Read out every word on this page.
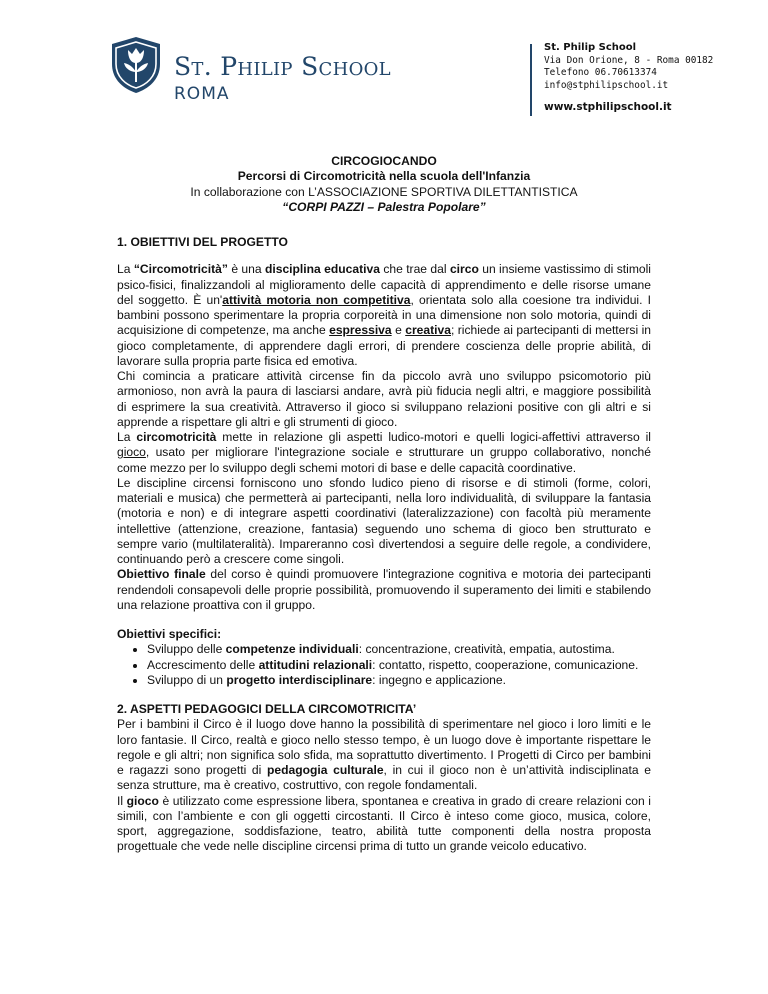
St. Philip School
ROMA
St. Philip School
Via Don Orione, 8 - Roma 00182
Telefono 06.70613374
info@stphilipschool.it
www.stphilipschool.it
CIRCOGIOCANDO
Percorsi di Circomotricità nella scuola dell'Infanzia
In collaborazione con L’ASSOCIAZIONE SPORTIVA DILETTANTISTICA
“CORPI PAZZI – Palestra Popolare”
1. OBIETTIVI DEL PROGETTO

La “Circomotricità” è una disciplina educativa che trae dal circo un insieme vastissimo di stimoli psico-fisici, finalizzandoli al miglioramento delle capacità di apprendimento e delle risorse umane del soggetto. È un'attività motoria non competitiva, orientata solo alla coesione tra individui. I bambini possono sperimentare la propria corporeità in una dimensione non solo motoria, quindi di acquisizione di competenze, ma anche espressiva e creativa; richiede ai partecipanti di mettersi in gioco completamente, di apprendere dagli errori, di prendere coscienza delle proprie abilità, di lavorare sulla propria parte fisica ed emotiva.

Chi comincia a praticare attività circense fin da piccolo avrà uno sviluppo psicomotorio più armonioso, non avrà la paura di lasciarsi andare, avrà più fiducia negli altri, e maggiore possibilità di esprimere la sua creatività. Attraverso il gioco si sviluppano relazioni positive con gli altri e si apprende a rispettare gli altri e gli strumenti di gioco.

La circomotricità mette in relazione gli aspetti ludico-motori e quelli logici-affettivi attraverso il gioco, usato per migliorare l'integrazione sociale e strutturare un gruppo collaborativo, nonché come mezzo per lo sviluppo degli schemi motori di base e delle capacità coordinative.

Le discipline circensi forniscono uno sfondo ludico pieno di risorse e di stimoli (forme, colori, materiali e musica) che permetterà ai partecipanti, nella loro individualità, di sviluppare la fantasia (motoria e non) e di integrare aspetti coordinativi (lateralizzazione) con facoltà più meramente intellettive (attenzione, creazione, fantasia) seguendo uno schema di gioco ben strutturato e sempre vario (multilateralità). Impareranno così divertendosi a seguire delle regole, a condividere, continuando però a crescere come singoli.

Obiettivo finale del corso è quindi promuovere l'integrazione cognitiva e motoria dei partecipanti rendendoli consapevoli delle proprie possibilità, promuovendo il superamento dei limiti e stabilendo una relazione proattiva con il gruppo.

Obiettivi specifici:
• Sviluppo delle competenze individuali: concentrazione, creatività, empatia, autostima.
• Accrescimento delle attitudini relazionali: contatto, rispetto, cooperazione, comunicazione.
• Sviluppo di un progetto interdisciplinare: ingegno e applicazione.
2. ASPETTI PEDAGOGICI DELLA CIRCOMOTRICITA’

Per i bambini il Circo è il luogo dove hanno la possibilità di sperimentare nel gioco i loro limiti e le loro fantasie. Il Circo, realtà e gioco nello stesso tempo, è un luogo dove è importante rispettare le regole e gli altri; non significa solo sfida, ma soprattutto divertimento. I Progetti di Circo per bambini e ragazzi sono progetti di pedagogia culturale, in cui il gioco non è un’attività indisciplinata e senza strutture, ma è creativo, costruttivo, con regole fondamentali.

Il gioco è utilizzato come espressione libera, spontanea e creativa in grado di creare relazioni con i simili, con l’ambiente e con gli oggetti circostanti. Il Circo è inteso come gioco, musica, colore, sport, aggregazione, soddisfazione, teatro, abilità tutte componenti della nostra proposta progettuale che vede nelle discipline circensi prima di tutto un grande veicolo educativo.
